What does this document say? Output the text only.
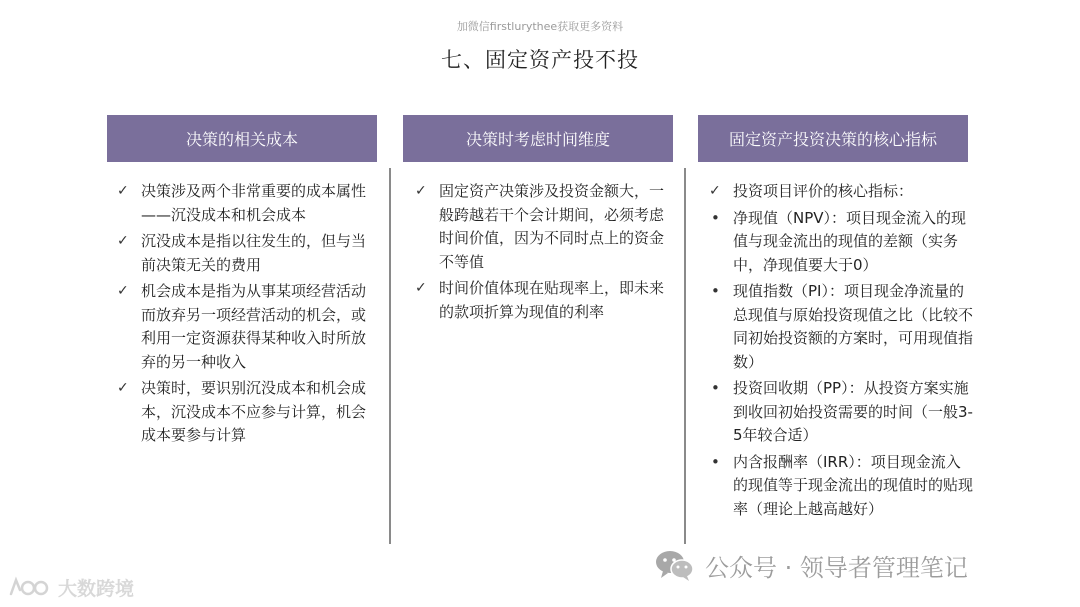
加微信firstlurythee获取更多资料
七、固定资产投不投
决策的相关成本	决策时考虑时间维度	固定资产投资决策的核心指标
✓ 决策涉及两个非常重要的成本属性——沉没成本和机会成本
✓ 沉没成本是指以往发生的，但与当前决策无关的费用
✓ 机会成本是指为从事某项经营活动而放弃另一项经营活动的机会，或利用一定资源获得某种收入时所放弃的另一种收入
✓ 决策时，要识别沉没成本和机会成本，沉没成本不应参与计算，机会成本要参与计算
✓ 固定资产决策涉及投资金额大，一般跨越若干个会计期间，必须考虑时间价值，因为不同时点上的资金不等值
✓ 时间价值体现在贴现率上，即未来的款项折算为现值的利率
✓ 投资项目评价的核心指标：
• 净现值（NPV）：项目现金流入的现值与现金流出的现值的差额（实务中，净现值要大于0）
• 现值指数（PI）：项目现金净流量的总现值与原始投资现值之比（比较不同初始投资额的方案时，可用现值指数）
• 投资回收期（PP）：从投资方案实施到收回初始投资需要的时间（一般3-5年较合适）
• 内含报酬率（IRR）：项目现金流入的现值等于现金流出的现值时的贴现率（理论上越高越好）
公众号 · 领导者管理笔记
大数跨境
